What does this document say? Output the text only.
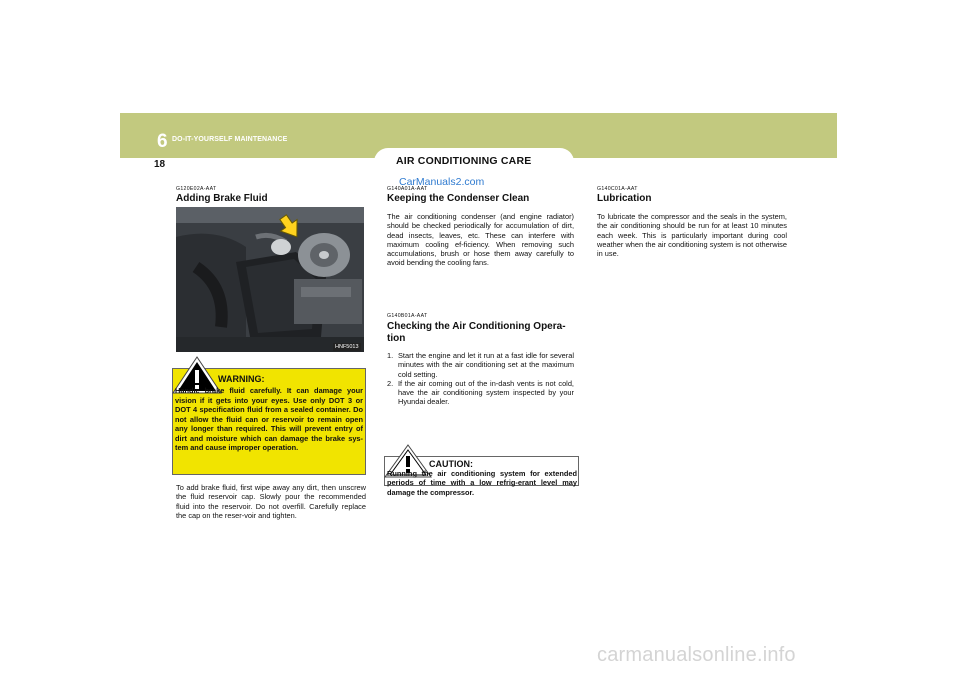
6 DO-IT-YOURSELF MAINTENANCE
18	AIR CONDITIONING CARE
CarManuals2.com
G120E02A-AAT
Adding Brake Fluid
HNF5013
WARNING:
Handle brake fluid carefully. It can damage your vision if it gets into your eyes. Use only DOT 3 or DOT 4 specification fluid from a sealed container. Do not allow the fluid can or reservoir to remain open any longer than required. This will prevent entry of dirt and moisture which can damage the brake sys-tem and cause improper operation.
To add brake fluid, first wipe away any dirt, then unscrew the fluid reservoir cap. Slowly pour the recommended fluid into the reservoir. Do not overfill. Carefully replace the cap on the reser-voir and tighten.
G140A01A-AAT
Keeping the Condenser Clean
The air conditioning condenser (and engine radiator) should be checked periodically for accumulation of dirt, dead insects, leaves, etc. These can interfere with maximum cooling ef-ficiency. When removing such accumulations, brush or hose them away carefully to avoid bending the cooling fans.
G140B01A-AAT
Checking the Air Conditioning Opera-tion
1. Start the engine and let it run at a fast idle for several minutes with the air conditioning set at the maximum cold setting.
2. If the air coming out of the in-dash vents is not cold, have the air conditioning system inspected by your Hyundai dealer.
CAUTION:
Running the air conditioning system for extended periods of time with a low refrig-erant level may damage the compressor.
G140C01A-AAT
Lubrication
To lubricate the compressor and the seals in the system, the air conditioning should be run for at least 10 minutes each week. This is particularly important during cool weather when the air conditioning system is not otherwise in use.
carmanualsonline.info
